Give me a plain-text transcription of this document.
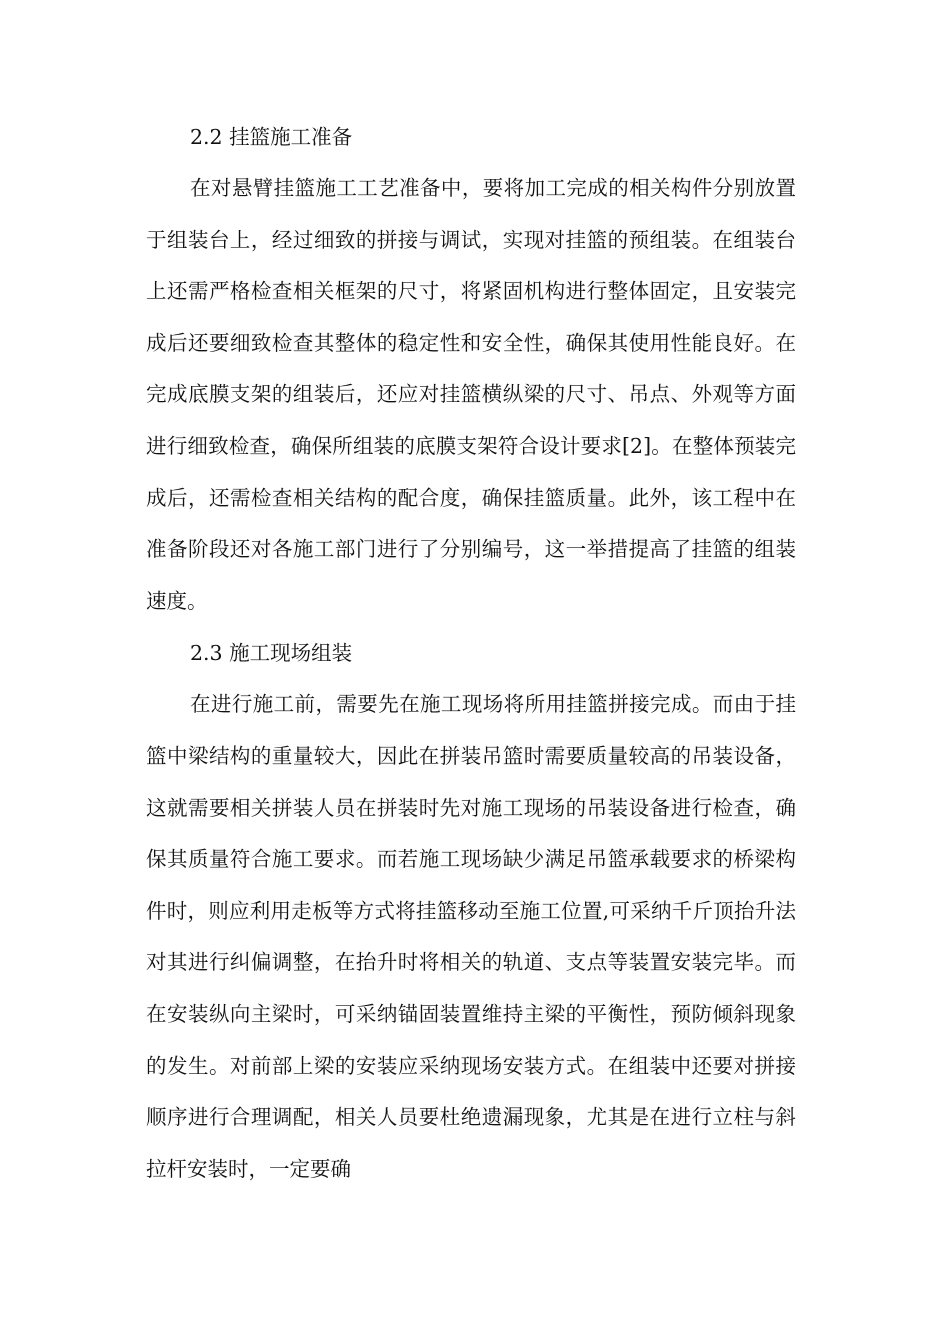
2.2 挂篮施工准备

在对悬臂挂篮施工工艺准备中，要将加工完成的相关构件分别放置于组装台上，经过细致的拼接与调试，实现对挂篮的预组装。在组装台上还需严格检查相关框架的尺寸，将紧固机构进行整体固定，且安装完成后还要细致检查其整体的稳定性和安全性，确保其使用性能良好。在完成底膜支架的组装后，还应对挂篮横纵梁的尺寸、吊点、外观等方面进行细致检查，确保所组装的底膜支架符合设计要求[2]。在整体预装完成后，还需检查相关结构的配合度，确保挂篮质量。此外，该工程中在准备阶段还对各施工部门进行了分别编号，这一举措提高了挂篮的组装速度。

2.3 施工现场组装

在进行施工前，需要先在施工现场将所用挂篮拼接完成。而由于挂篮中梁结构的重量较大，因此在拼装吊篮时需要质量较高的吊装设备，这就需要相关拼装人员在拼装时先对施工现场的吊装设备进行检查，确保其质量符合施工要求。而若施工现场缺少满足吊篮承载要求的桥梁构件时，则应利用走板等方式将挂篮移动至施工位置,可采纳千斤顶抬升法对其进行纠偏调整，在抬升时将相关的轨道、支点等装置安装完毕。而在安装纵向主梁时，可采纳锚固装置维持主梁的平衡性，预防倾斜现象的发生。对前部上梁的安装应采纳现场安装方式。在组装中还要对拼接顺序进行合理调配，相关人员要杜绝遗漏现象，尤其是在进行立柱与斜拉杆安装时，一定要确
